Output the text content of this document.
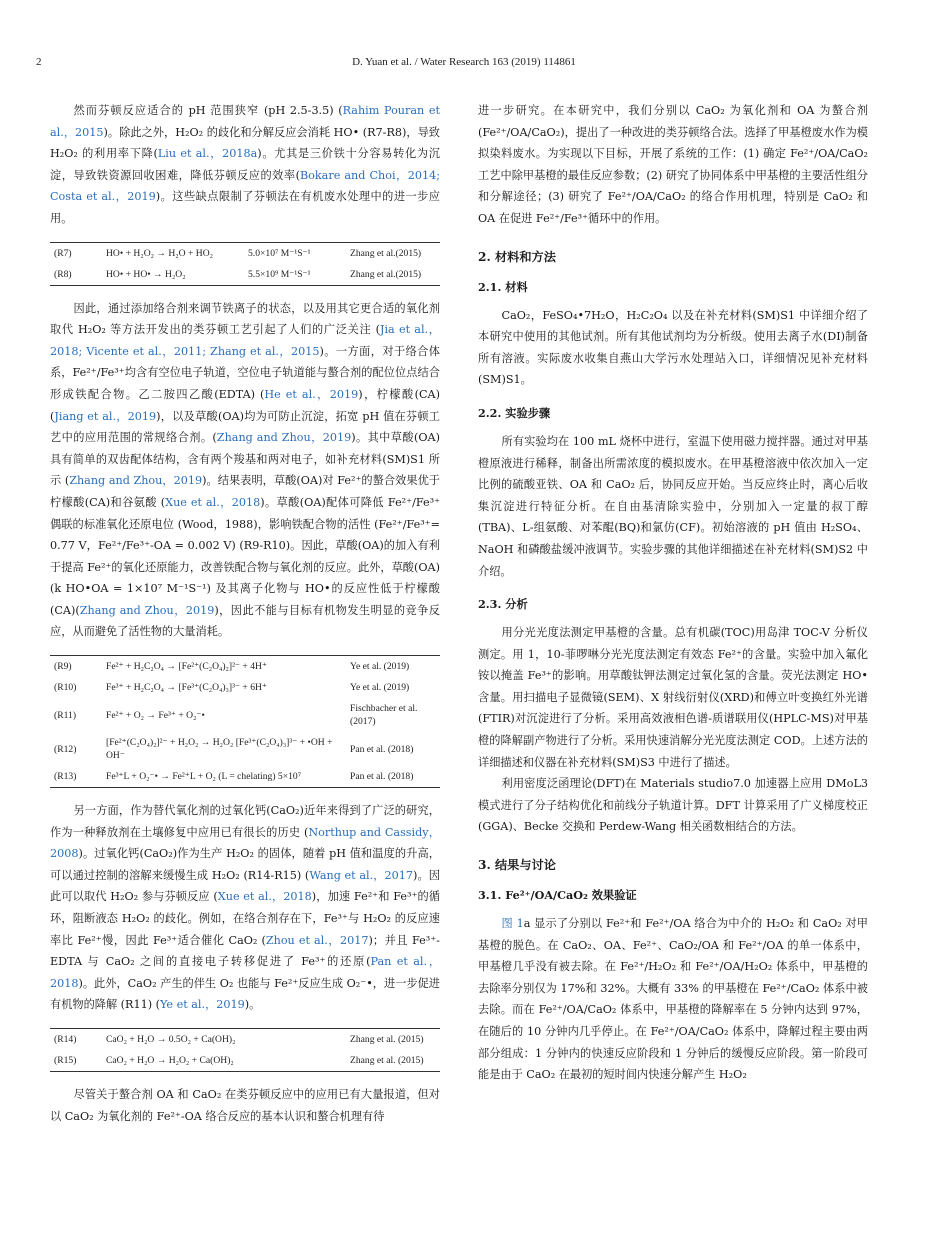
2	D. Yuan et al. / Water Research 163 (2019) 114861

然而芬顿反应适合的 pH 范围狭窄 (pH 2.5-3.5) (Rahim Pouran et al.，2015)。除此之外，H₂O₂ 的歧化和分解反应会消耗 HO• (R7-R8)，导致 H₂O₂ 的利用率下降(Liu et al.，2018a)。尤其是三价铁十分容易转化为沉淀，导致铁资源回收困难，降低芬顿反应的效率(Bokare and Choi，2014; Costa et al.，2019)。这些缺点限制了芬顿法在有机废水处理中的进一步应用。

(R7)	HO• + H₂O₂ → H₂O + HO₂	5.0×10⁷ M⁻¹S⁻¹	Zhang et al.(2015)
(R8)	HO• + HO• → H₂O₂	5.5×10⁹ M⁻¹S⁻¹	Zhang et al.(2015)

因此，通过添加络合剂来调节铁离子的状态，以及用其它更合适的氧化剂取代 H₂O₂ 等方法开发出的类芬顿工艺引起了人们的广泛关注 (Jia et al.，2018; Vicente et al.，2011; Zhang et al.，2015)。一方面，对于络合体系，Fe²⁺/Fe³⁺均含有空位电子轨道，空位电子轨道能与螯合剂的配位位点结合形成铁配合物。乙二胺四乙酸(EDTA) (He et al.，2019)，柠檬酸(CA) (Jiang et al.，2019)，以及草酸(OA)均为可防止沉淀，拓宽 pH 值在芬顿工艺中的应用范围的常规络合剂。(Zhang and Zhou，2019)。其中草酸(OA)具有简单的双齿配体结构，含有两个羧基和两对电子，如补充材料(SM)S1 所示 (Zhang and Zhou，2019)。结果表明，草酸(OA)对 Fe²⁺的螯合效果优于柠檬酸(CA)和谷氨酸 (Xue et al.，2018)。草酸(OA)配体可降低 Fe²⁺/Fe³⁺偶联的标准氧化还原电位 (Wood，1988)，影响铁配合物的活性 (Fe²⁺/Fe³⁺= 0.77 V，Fe²⁺/Fe³⁺-OA = 0.002 V) (R9-R10)。因此，草酸(OA)的加入有利于提高 Fe²⁺的氧化还原能力，改善铁配合物与氧化剂的反应。此外，草酸(OA)(k HO•OA = 1×10⁷ M⁻¹S⁻¹) 及其离子化物与 HO•的反应性低于柠檬酸(CA)(Zhang and Zhou，2019)，因此不能与目标有机物发生明显的竞争反应，从而避免了活性物的大量消耗。

(R9)	Fe²⁺ + H₂C₂O₄ → [Fe²⁺(C₂O₄)₂]²⁻ + 4H⁺	Ye et al. (2019)
(R10)	Fe³⁺ + H₂C₂O₄ → [Fe³⁺(C₂O₄)₃]³⁻ + 6H⁺	Ye et al. (2019)
(R11)	Fe²⁺ + O₂ → Fe³⁺ + O₂⁻•	Fischbacher et al. (2017)
(R12)	[Fe²⁺(C₂O₄)₂]²⁻ + H₂O₂ → H₂O₂ [Fe³⁺(C₂O₄)₃]³⁻ + •OH + OH⁻	Pan et al. (2018)
(R13)	Fe³⁺L + O₂⁻• → Fe²⁺L + O₂ (L = chelating) 5×10⁷	Pan et al. (2018)

另一方面，作为替代氧化剂的过氧化钙(CaO₂)近年来得到了广泛的研究，作为一种释放剂在土壤修复中应用已有很长的历史 (Northup and Cassidy，2008)。过氧化钙(CaO₂)作为生产 H₂O₂ 的固体，随着 pH 值和温度的升高，可以通过控制的溶解来缓慢生成 H₂O₂ (R14-R15) (Wang et al.，2017)。因此可以取代 H₂O₂ 参与芬顿反应 (Xue et al.，2018)，加速 Fe²⁺和 Fe³⁺的循环，阻断液态 H₂O₂ 的歧化。例如，在络合剂存在下，Fe³⁺与 H₂O₂ 的反应速率比 Fe²⁺慢，因此 Fe³⁺适合催化 CaO₂ (Zhou et al.，2017)；并且 Fe³⁺-EDTA 与 CaO₂ 之间的直接电子转移促进了 Fe³⁺的还原(Pan et al.，2018)。此外，CaO₂ 产生的伴生 O₂ 也能与 Fe²⁺反应生成 O₂⁻•，进一步促进有机物的降解 (R11) (Ye et al.，2019)。

(R14)	CaO₂ + H₂O → 0.5O₂ + Ca(OH)₂	Zhang et al. (2015)
(R15)	CaO₂ + H₂O → H₂O₂ + Ca(OH)₂	Zhang et al. (2015)

尽管关于螯合剂 OA 和 CaO₂ 在类芬顿反应中的应用已有大量报道，但对以 CaO₂ 为氧化剂的 Fe²⁺-OA 络合反应的基本认识和螯合机理有待

进一步研究。在本研究中，我们分别以 CaO₂ 为氧化剂和 OA 为螯合剂(Fe²⁺/OA/CaO₂)，提出了一种改进的类芬顿络合法。选择了甲基橙废水作为模拟染料废水。为实现以下目标，开展了系统的工作：(1) 确定 Fe²⁺/OA/CaO₂ 工艺中除甲基橙的最佳反应参数；(2) 研究了协同体系中甲基橙的主要活性组分和分解途径；(3) 研究了 Fe²⁺/OA/CaO₂ 的络合作用机理，特别是 CaO₂ 和 OA 在促进 Fe²⁺/Fe³⁺循环中的作用。

2. 材料和方法
2.1. 材料

CaO₂，FeSO₄•7H₂O，H₂C₂O₄ 以及在补充材料(SM)S1 中详细介绍了本研究中使用的其他试剂。所有其他试剂均为分析级。使用去离子水(DI)制备所有溶液。实际废水收集自燕山大学污水处理站入口，详细情况见补充材料(SM)S1。

2.2. 实验步骤

所有实验均在 100 mL 烧杯中进行，室温下使用磁力搅拌器。通过对甲基橙原液进行稀释，制备出所需浓度的模拟废水。在甲基橙溶液中依次加入一定比例的硫酸亚铁、OA 和 CaO₂ 后，协同反应开始。当反应终止时，离心后收集沉淀进行特征分析。在自由基清除实验中，分别加入一定量的叔丁醇(TBA)、L-组氨酸、对苯醌(BQ)和氯仿(CF)。初始溶液的 pH 值由 H₂SO₄、NaOH 和磷酸盐缓冲液调节。实验步骤的其他详细描述在补充材料(SM)S2 中介绍。

2.3. 分析

用分光光度法测定甲基橙的含量。总有机碳(TOC)用岛津 TOC-V 分析仪测定。用 1，10-菲啰啉分光光度法测定有效态 Fe²⁺的含量。实验中加入氟化铵以掩盖 Fe³⁺的影响。用草酸钛钾法测定过氧化氢的含量。荧光法测定 HO•含量。用扫描电子显微镜(SEM)、X 射线衍射仪(XRD)和傅立叶变换红外光谱(FTIR)对沉淀进行了分析。采用高效液相色谱-质谱联用仪(HPLC-MS)对甲基橙的降解副产物进行了分析。采用快速消解分光光度法测定 COD。上述方法的详细描述和仪器在补充材料(SM)S3 中进行了描述。

利用密度泛函理论(DFT)在 Materials studio7.0 加速器上应用 DMoL3 模式进行了分子结构优化和前线分子轨道计算。DFT 计算采用了广义梯度校正(GGA)、Becke 交换和 Perdew-Wang 相关函数相结合的方法。

3. 结果与讨论
3.1. Fe²⁺/OA/CaO₂ 效果验证

图 1a 显示了分别以 Fe²⁺和 Fe²⁺/OA 络合为中介的 H₂O₂ 和 CaO₂ 对甲基橙的脱色。在 CaO₂、OA、Fe²⁺、CaO₂/OA 和 Fe²⁺/OA 的单一体系中，甲基橙几乎没有被去除。在 Fe²⁺/H₂O₂ 和 Fe²⁺/OA/H₂O₂ 体系中，甲基橙的去除率分别仅为 17%和 32%。大概有 33% 的甲基橙在 Fe²⁺/CaO₂ 体系中被去除。而在 Fe²⁺/OA/CaO₂ 体系中，甲基橙的降解率在 5 分钟内达到 97%，在随后的 10 分钟内几乎停止。在 Fe²⁺/OA/CaO₂ 体系中，降解过程主要由两部分组成：1 分钟内的快速反应阶段和 1 分钟后的缓慢反应阶段。第一阶段可能是由于 CaO₂ 在最初的短时间内快速分解产生 H₂O₂
